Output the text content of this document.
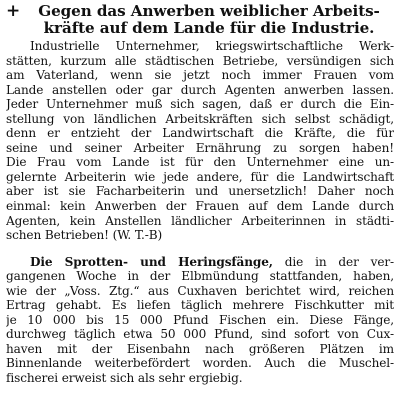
+	Gegen das Anwerben weiblicher Arbeits-
kräfte auf dem Lande für die Industrie.
Industrielle Unternehmer, kriegswirtschaftliche Werk-
stätten, kurzum alle städtischen Betriebe, versündigen sich
am Vaterland, wenn sie jetzt noch immer Frauen vom
Lande anstellen oder gar durch Agenten anwerben lassen.
Jeder Unternehmer muß sich sagen, daß er durch die Ein-
stellung von ländlichen Arbeitskräften sich selbst schädigt,
denn er entzieht der Landwirtschaft die Kräfte, die für
seine und seiner Arbeiter Ernährung zu sorgen haben!
Die Frau vom Lande ist für den Unternehmer eine un-
gelernte Arbeiterin wie jede andere, für die Landwirtschaft
aber ist sie Facharbeiterin und unersetzlich! Daher noch
einmal: kein Anwerben der Frauen auf dem Lande durch
Agenten, kein Anstellen ländlicher Arbeiterinnen in städti-
schen Betrieben! (W. T.-B)
Die Sprotten- und Heringsfänge, die in der ver-
gangenen Woche in der Elbmündung stattfanden, haben,
wie der „Voss. Ztg.“ aus Cuxhaven berichtet wird, reichen
Ertrag gehabt. Es liefen täglich mehrere Fischkutter mit
je 10 000 bis 15 000 Pfund Fischen ein. Diese Fänge,
durchweg täglich etwa 50 000 Pfund, sind sofort von Cux-
haven mit der Eisenbahn nach größeren Plätzen im
Binnenlande weiterbefördert worden. Auch die Muschel-
fischerei erweist sich als sehr ergiebig.
